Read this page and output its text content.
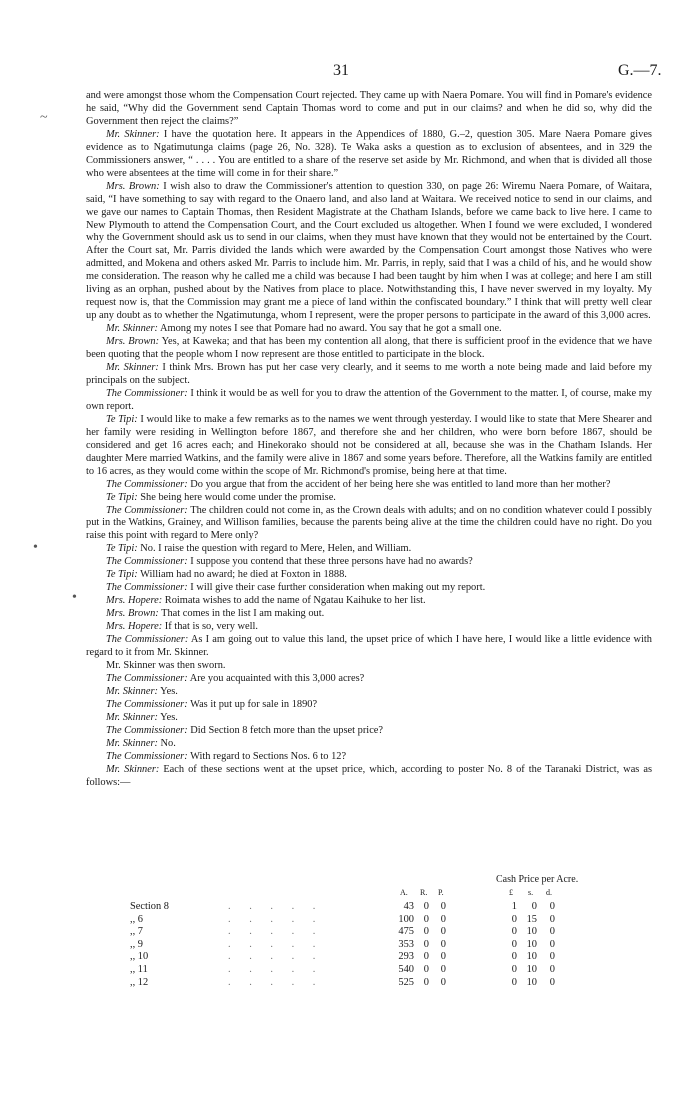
31	G.—7.
~
•
•

and were amongst those whom the Compensation Court rejected. They came up with Naera Pomare. You will find in Pomare's evidence he said, “Why did the Government send Captain Thomas word to come and put in our claims? and when he did so, why did the Government then reject the claims?”

Mr. Skinner: I have the quotation here. It appears in the Appendices of 1880, G.–2, question 305. Mare Naera Pomare gives evidence as to Ngatimutunga claims (page 26, No. 328). Te Waka asks a question as to exclusion of absentees, and in 329 the Commissioners answer, “ . . . . You are entitled to a share of the reserve set aside by Mr. Richmond, and when that is divided all those who were absentees at the time will come in for their share.”

Mrs. Brown: I wish also to draw the Commissioner's attention to question 330, on page 26: Wiremu Naera Pomare, of Waitara, said, “I have something to say with regard to the Onaero land, and also land at Waitara. We received notice to send in our claims, and we gave our names to Captain Thomas, then Resident Magistrate at the Chatham Islands, before we came back to live here. I came to New Plymouth to attend the Compensation Court, and the Court excluded us altogether. When I found we were excluded, I wondered why the Government should ask us to send in our claims, when they must have known that they would not be entertained by the Court. After the Court sat, Mr. Parris divided the lands which were awarded by the Compensation Court amongst those Natives who were admitted, and Mokena and others asked Mr. Parris to include him. Mr. Parris, in reply, said that I was a child of his, and he would show me consideration. The reason why he called me a child was because I had been taught by him when I was at college; and here I am still living as an orphan, pushed about by the Natives from place to place. Notwithstanding this, I have never swerved in my loyalty. My request now is, that the Commission may grant me a piece of land within the confiscated boundary.” I think that will pretty well clear up any doubt as to whether the Ngatimutunga, whom I represent, were the proper persons to participate in the award of this 3,000 acres.

Mr. Skinner: Among my notes I see that Pomare had no award. You say that he got a small one.

Mrs. Brown: Yes, at Kaweka; and that has been my contention all along, that there is sufficient proof in the evidence that we have been quoting that the people whom I now represent are those entitled to participate in the block.

Mr. Skinner: I think Mrs. Brown has put her case very clearly, and it seems to me worth a note being made and laid before my principals on the subject.

The Commissioner: I think it would be as well for you to draw the attention of the Government to the matter. I, of course, make my own report.

Te Tipi: I would like to make a few remarks as to the names we went through yesterday. I would like to state that Mere Shearer and her family were residing in Wellington before 1867, and therefore she and her children, who were born before 1867, should be considered and get 16 acres each; and Hinekorako should not be considered at all, because she was in the Chatham Islands. Her daughter Mere married Watkins, and the family were alive in 1867 and some years before. Therefore, all the Watkins family are entitled to 16 acres, as they would come within the scope of Mr. Richmond's promise, being here at that time.

The Commissioner: Do you argue that from the accident of her being here she was entitled to land more than her mother?

Te Tipi: She being here would come under the promise.

The Commissioner: The children could not come in, as the Crown deals with adults; and on no condition whatever could I possibly put in the Watkins, Grainey, and Willison families, because the parents being alive at the time the children could have no right. Do you raise this point with regard to Mere only?

Te Tipi: No. I raise the question with regard to Mere, Helen, and William.

The Commissioner: I suppose you contend that these three persons have had no awards?

Te Tipi: William had no award; he died at Foxton in 1888.

The Commissioner: I will give their case further consideration when making out my report.

Mrs. Hopere: Roimata wishes to add the name of Ngatau Kaihuke to her list.

Mrs. Brown: That comes in the list I am making out.

Mrs. Hopere: If that is so, very well.

The Commissioner: As I am going out to value this land, the upset price of which I have here, I would like a little evidence with regard to it from Mr. Skinner.

Mr. Skinner was then sworn.

The Commissioner: Are you acquainted with this 3,000 acres?

Mr. Skinner: Yes.

The Commissioner: Was it put up for sale in 1890?

Mr. Skinner: Yes.

The Commissioner: Did Section 8 fetch more than the upset price?

Mr. Skinner: No.

The Commissioner: With regard to Sections Nos. 6 to 12?

Mr. Skinner: Each of these sections went at the upset price, which, according to poster No. 8 of the Taranaki District, was as follows:—

Cash Price per Acre.
A. R. P.	£ s. d.
Section 8	43 0 0	1 0 0
. . . . .
,, 6	100 0 0	0 15 0
. . . . .
,, 7	475 0 0	0 10 0
. . . . .
,, 9	353 0 0	0 10 0
. . . . .
,, 10	293 0 0	0 10 0
. . . . .
,, 11	540 0 0	0 10 0
. . . . .
,, 12	525 0 0	0 10 0
. . . . .
